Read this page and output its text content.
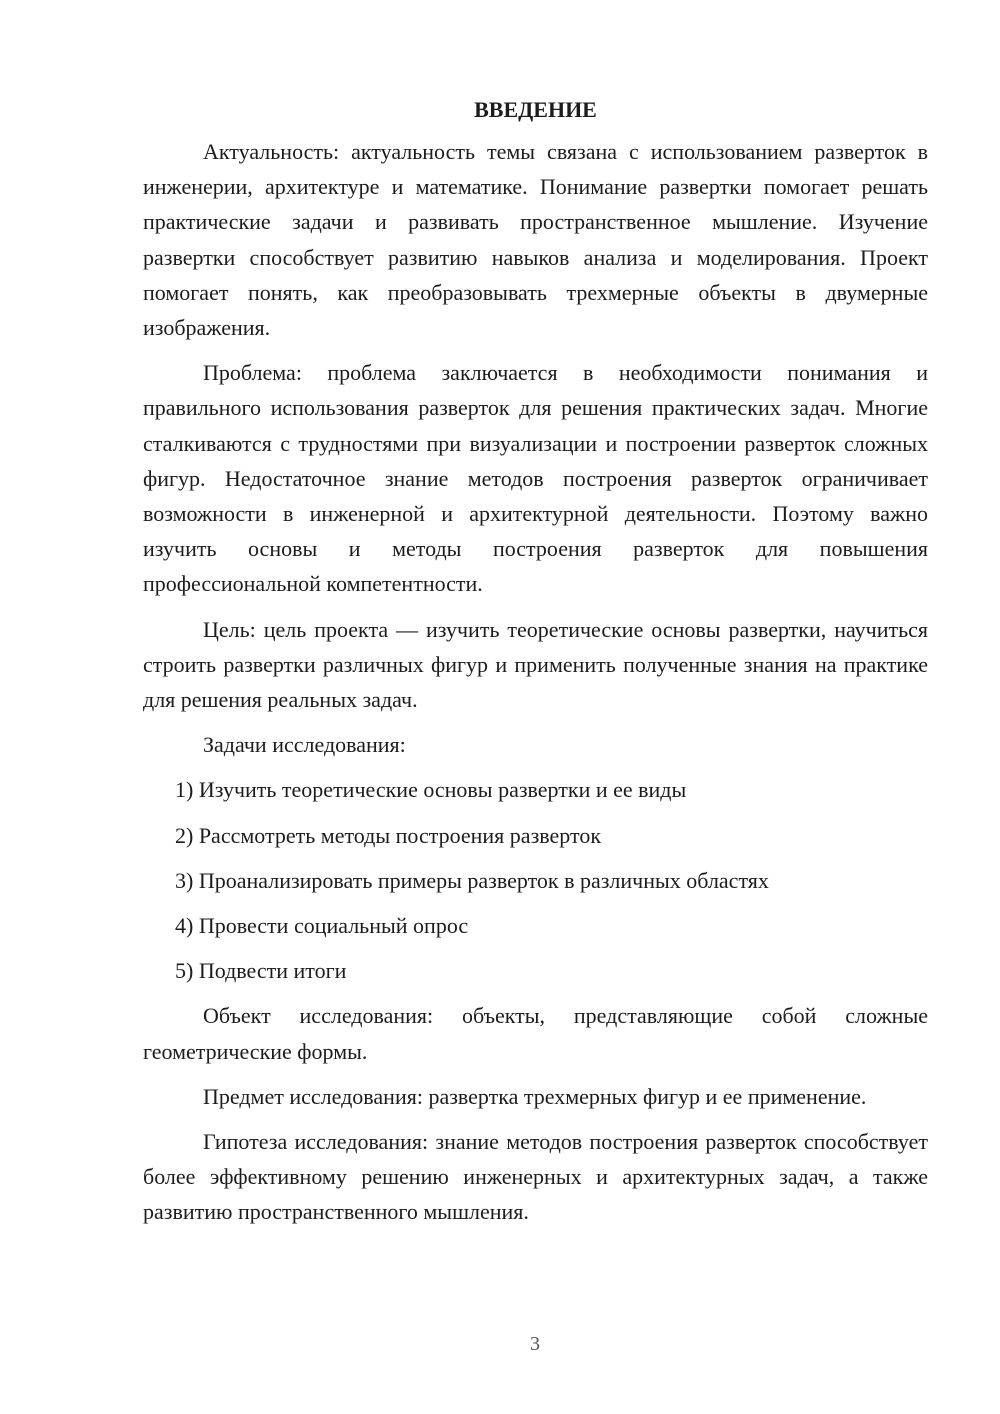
ВВЕДЕНИЕ

Актуальность: актуальность темы связана с использованием разверток в инженерии, архитектуре и математике. Понимание развертки помогает решать практические задачи и развивать пространственное мышление. Изучение развертки способствует развитию навыков анализа и моделирования. Проект помогает понять, как преобразовывать трехмерные объекты в двумерные изображения.

Проблема: проблема заключается в необходимости понимания и правильного использования разверток для решения практических задач. Многие сталкиваются с трудностями при визуализации и построении разверток сложных фигур. Недостаточное знание методов построения разверток ограничивает возможности в инженерной и архитектурной деятельности. Поэтому важно изучить основы и методы построения разверток для повышения профессиональной компетентности.

Цель: цель проекта — изучить теоретические основы развертки, научиться строить развертки различных фигур и применить полученные знания на практике для решения реальных задач.

Задачи исследования:

1) Изучить теоретические основы развертки и ее виды

2) Рассмотреть методы построения разверток

3) Проанализировать примеры разверток в различных областях

4) Провести социальный опрос

5) Подвести итоги

Объект исследования: объекты, представляющие собой сложные геометрические формы.

Предмет исследования: развертка трехмерных фигур и ее применение.

Гипотеза исследования: знание методов построения разверток способствует более эффективному решению инженерных и архитектурных задач, а также развитию пространственного мышления.

3
